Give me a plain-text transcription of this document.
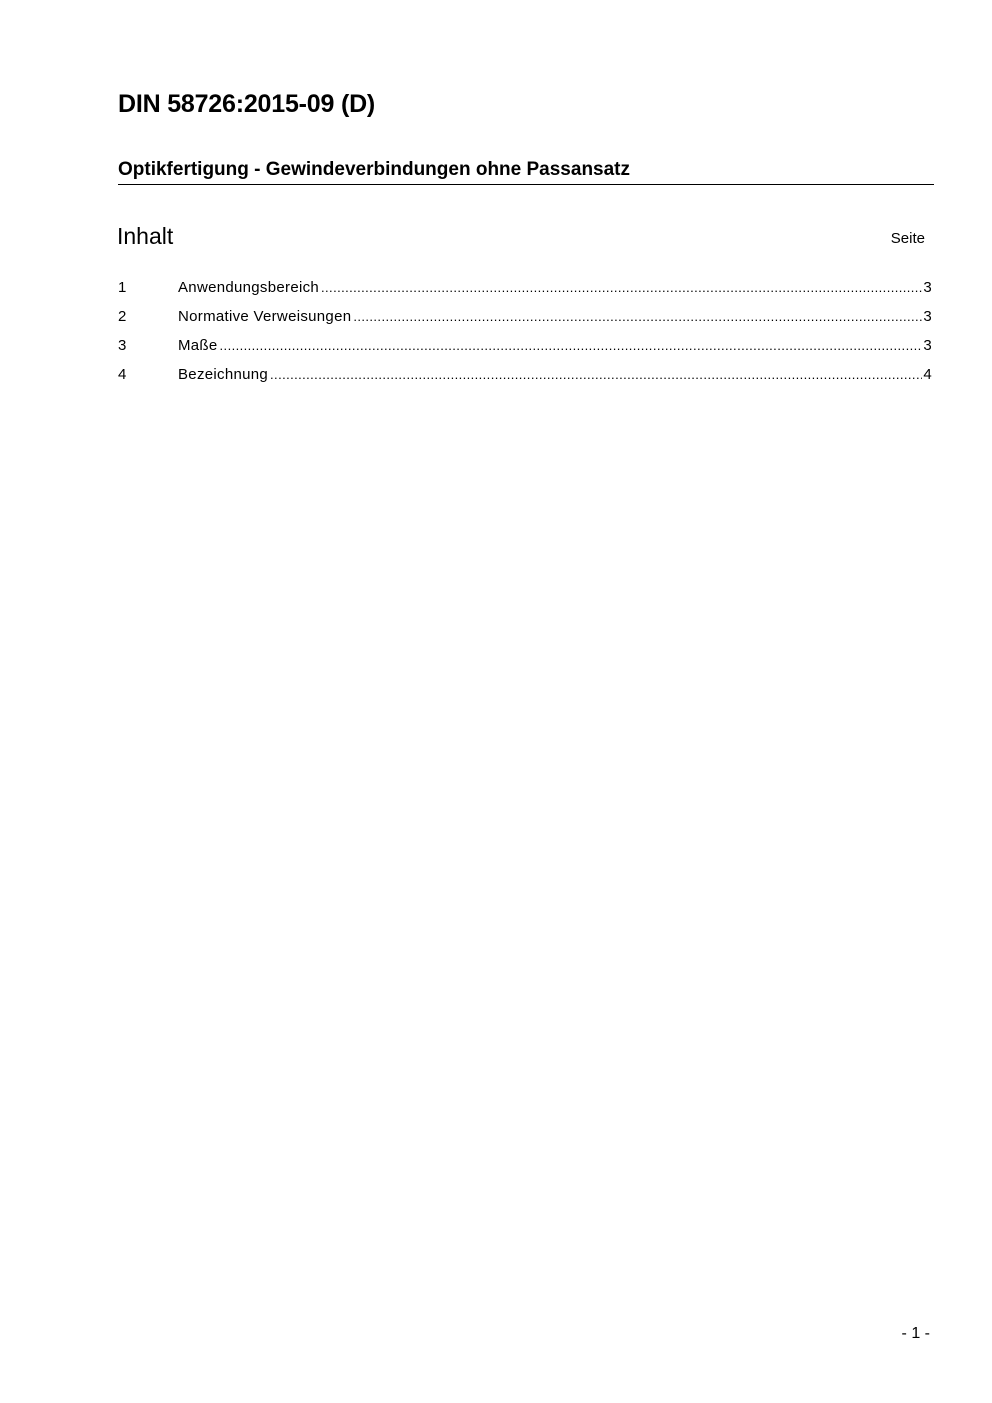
DIN 58726:2015-09 (D)
Optikfertigung - Gewindeverbindungen ohne Passansatz
Inhalt	Seite
1	Anwendungsbereich .....	3
2	Normative Verweisungen .....	3
3	Maße .....	3
4	Bezeichnung .....	4
- 1 -
